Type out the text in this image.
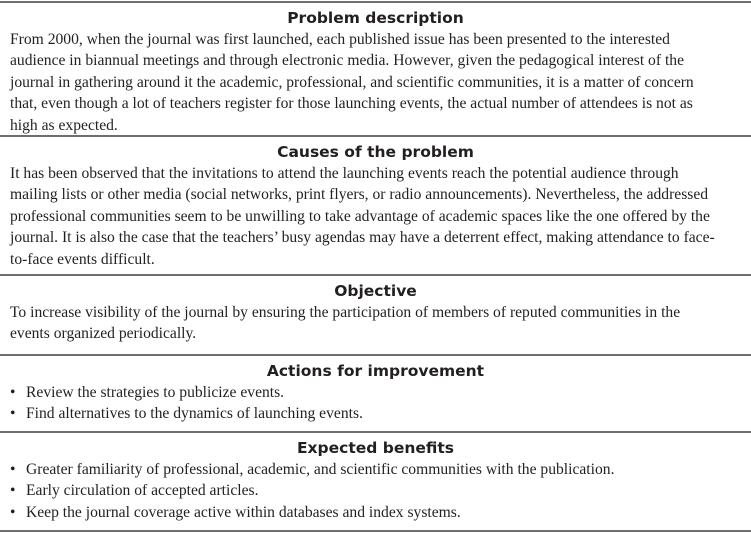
Problem description
From 2000, when the journal was first launched, each published issue has been presented to the interested
audience in biannual meetings and through electronic media. However, given the pedagogical interest of the
journal in gathering around it the academic, professional, and scientific communities, it is a matter of concern
that, even though a lot of teachers register for those launching events, the actual number of attendees is not as
high as expected.
Causes of the problem
It has been observed that the invitations to attend the launching events reach the potential audience through
mailing lists or other media (social networks, print flyers, or radio announcements). Nevertheless, the addressed
professional communities seem to be unwilling to take advantage of academic spaces like the one offered by the
journal. It is also the case that the teachers’ busy agendas may have a deterrent effect, making attendance to face-
to-face events difficult.
Objective
To increase visibility of the journal by ensuring the participation of members of reputed communities in the
events organized periodically.
Actions for improvement
• Review the strategies to publicize events.
• Find alternatives to the dynamics of launching events.
Expected benefits
• Greater familiarity of professional, academic, and scientific communities with the publication.
• Early circulation of accepted articles.
• Keep the journal coverage active within databases and index systems.
